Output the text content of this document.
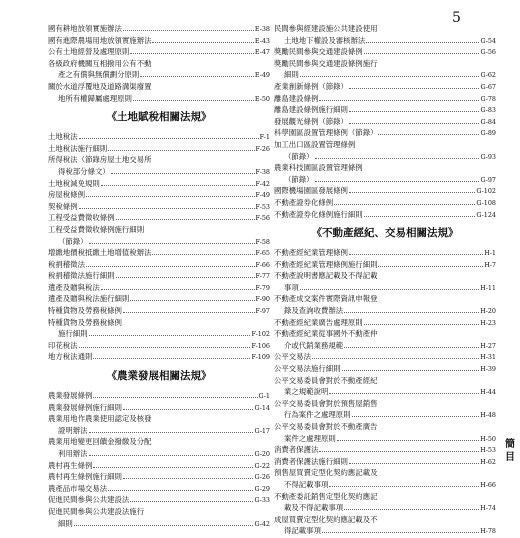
5
國有耕地放領實施辦法	E-38
國有進際農場用地放領實施辦法	E-43
公有土地經營及處理原則	E-47
各級政府機關互相撥用公有不動
產之有償與無償劃分原則	E-49
關於水道浮覆地及道路溝渠廢置
地所有權歸屬處理原則	E-50
《土地賦稅相關法規》
土地稅法	F-1
土地稅法施行細則	F-26
所得稅法（節錄房屋土地交易所
得稅部分條文）	F-38
土地稅減免規則	F-42
房屋稅條例	F-49
契稅條例	F-53
工程受益費徵收條例	F-56
工程受益費徵收條例施行細則
（節錄）	F-58
增繳地價稅抵繳土地增值稅辦法	F-65
稅捐稽徵法	F-66
稅捐稽徵法施行細則	F-77
遺產及贈與稅法	F-79
遺產及贈與稅法施行細則	F-90
特種貨物及勞務稅條例	F-97
特種貨物及勞務稅條例
施行細則	F-102
印花稅法	F-106
地方稅法通則	F-109
《農業發展相關法規》
農業發展條例	G-1
農業發展條例施行細則	G-14
農業用地作農業使用認定及核發
證明辦法	G-17
農業用地變更回饋金撥繳及分配
利用辦法	G-20
農村再生條例	G-22
農村再生條例施行細則	G-26
農產品市場交易法	G-29
促進民間參與公共建設法	G-33
促進民間參與公共建設法施行
細則	G-42
民間參與經建設施公共建設使用
土地地下權設及審核辦法	G-54
獎勵民間參與交通建設條例	G-56
獎勵民間參與交通建設條例施行
細則	G-62
產業創新條例（節錄）	G-67
離島建設條例	G-78
離島建設條例施行細則	G-83
發展觀光條例（節錄）	G-84
科學園區設置管理條例（節錄）	G-89
加工出口區設置管理條例
（節錄）	G-93
農業科技園區設置管理條例
（節錄）	G-97
國際機場園區發展條例	G-102
不動產證券化條例	G-108
不動產證券化條例施行細則	G-124
《不動產經紀、交易相關法規》
不動產經紀業管理條例	H-1
不動產經紀業管理條例施行細則	H-7
不動產說明書應記載及不得記載
事項	H-11
不動產成交案件實際資訊申報登
錄及查詢收費辦法	H-20
不動產經紀業廣告處理原則	H-23
不動產經紀業從事國外不動產仲
介或代銷業務規範	H-27
公平交易法	H-31
公平交易法施行細則	H-39
公平交易委員會對於不動產經紀
業之規範說明	H-44
公平交易委員會對於預售屋銷售
行為案件之處理原則	H-48
公平交易委員會對於不動產廣告
案件之處理原則	H-50
消費者保護法	H-53
消費者保護法施行細則	H-62
預售屋買賣定型化契約應記載及
不得記載事項	H-66
不動產委託銷售定型化契約應記
載及不得記載事項	H-74
成屋買賣定型化契約應記載及不
得記載事項	H-78
簡
目
